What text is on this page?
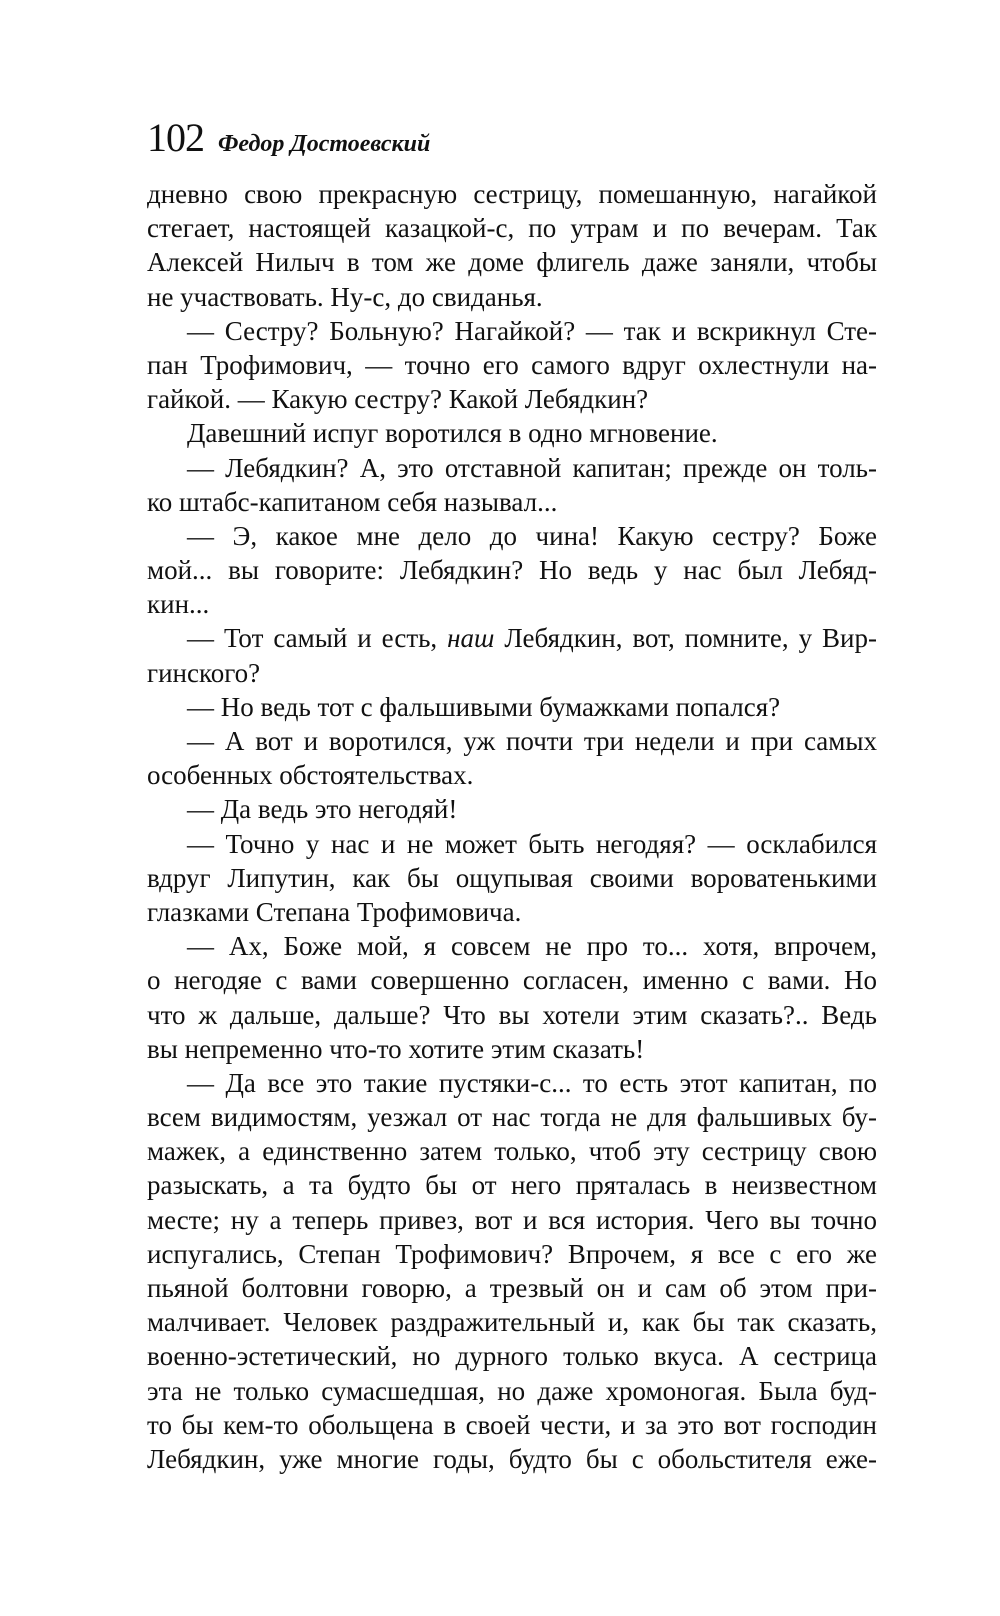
102 Федор Достоевский
дневно свою прекрасную сестрицу, помешанную, нагайкой
стегает, настоящей казацкой-с, по утрам и по вечерам. Так
Алексей Нилыч в том же доме флигель даже заняли, чтобы
не участвовать. Ну-с, до свиданья.
— Сестру? Больную? Нагайкой? — так и вскрикнул Сте-
пан Трофимович, — точно его самого вдруг охлестнули на-
гайкой. — Какую сестру? Какой Лебядкин?
Давешний испуг воротился в одно мгновение.
— Лебядкин? А, это отставной капитан; прежде он толь-
ко штабс-капитаном себя называл...
— Э, какое мне дело до чина! Какую сестру? Боже
мой... вы говорите: Лебядкин? Но ведь у нас был Лебяд-
кин...
— Тот самый и есть, наш Лебядкин, вот, помните, у Вир-
гинского?
— Но ведь тот с фальшивыми бумажками попался?
— А вот и воротился, уж почти три недели и при самых
особенных обстоятельствах.
— Да ведь это негодяй!
— Точно у нас и не может быть негодяя? — осклабился
вдруг Липутин, как бы ощупывая своими вороватенькими
глазками Степана Трофимовича.
— Ах, Боже мой, я совсем не про то... хотя, впрочем,
о негодяе с вами совершенно согласен, именно с вами. Но
что ж дальше, дальше? Что вы хотели этим сказать?.. Ведь
вы непременно что-то хотите этим сказать!
— Да все это такие пустяки-с... то есть этот капитан, по
всем видимостям, уезжал от нас тогда не для фальшивых бу-
мажек, а единственно затем только, чтоб эту сестрицу свою
разыскать, а та будто бы от него пряталась в неизвестном
месте; ну а теперь привез, вот и вся история. Чего вы точно
испугались, Степан Трофимович? Впрочем, я все с его же
пьяной болтовни говорю, а трезвый он и сам об этом при-
малчивает. Человек раздражительный и, как бы так сказать,
военно-эстетический, но дурного только вкуса. А сестрица
эта не только сумасшедшая, но даже хромоногая. Была буд-
то бы кем-то обольщена в своей чести, и за это вот господин
Лебядкин, уже многие годы, будто бы с обольстителя еже-
